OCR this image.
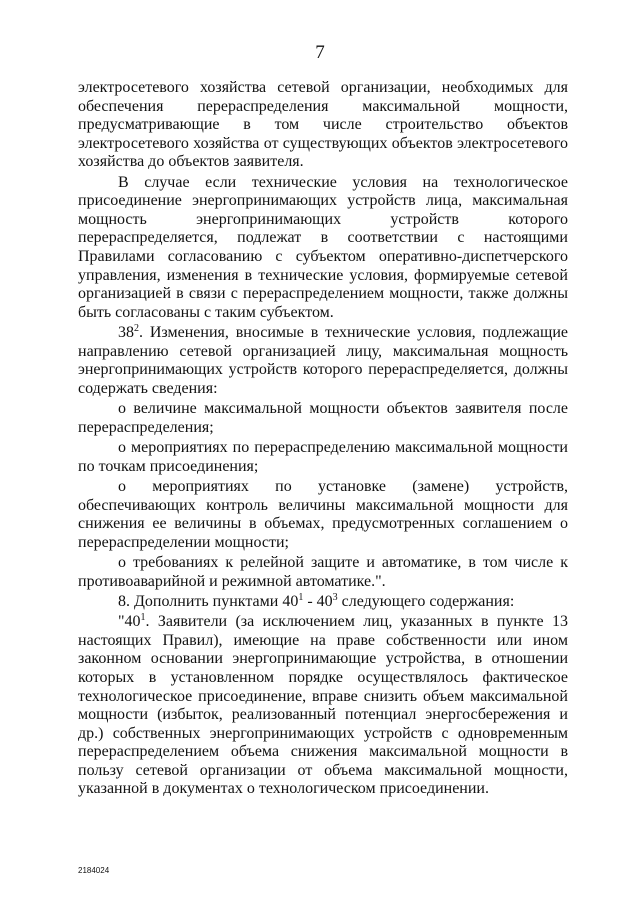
7

электросетевого хозяйства сетевой организации, необходимых для обеспечения перераспределения максимальной мощности, предусматривающие в том числе строительство объектов электросетевого хозяйства от существующих объектов электросетевого хозяйства до объектов заявителя.

В случае если технические условия на технологическое присоединение энергопринимающих устройств лица, максимальная мощность энергопринимающих устройств которого перераспределяется, подлежат в соответствии с настоящими Правилами согласованию с субъектом оперативно-диспетчерского управления, изменения в технические условия, формируемые сетевой организацией в связи с перераспределением мощности, также должны быть согласованы с таким субъектом.

$38^2$. Изменения, вносимые в технические условия, подлежащие направлению сетевой организацией лицу, максимальная мощность энергопринимающих устройств которого перераспределяется, должны содержать сведения:

о величине максимальной мощности объектов заявителя после перераспределения;

о мероприятиях по перераспределению максимальной мощности по точкам присоединения;

о мероприятиях по установке (замене) устройств, обеспечивающих контроль величины максимальной мощности для снижения ее величины в объемах, предусмотренных соглашением о перераспределении мощности;

о требованиях к релейной защите и автоматике, в том числе к противоаварийной и режимной автоматике.".

8. Дополнить пунктами $40^1 - 40^3$ следующего содержания:

"$40^1$. Заявители (за исключением лиц, указанных в пункте 13 настоящих Правил), имеющие на праве собственности или ином законном основании энергопринимающие устройства, в отношении которых в установленном порядке осуществлялось фактическое технологическое присоединение, вправе снизить объем максимальной мощности (избыток, реализованный потенциал энергосбережения и др.) собственных энергопринимающих устройств с одновременным перераспределением объема снижения максимальной мощности в пользу сетевой организации от объема максимальной мощности, указанной в документах о технологическом присоединении.

2184024
